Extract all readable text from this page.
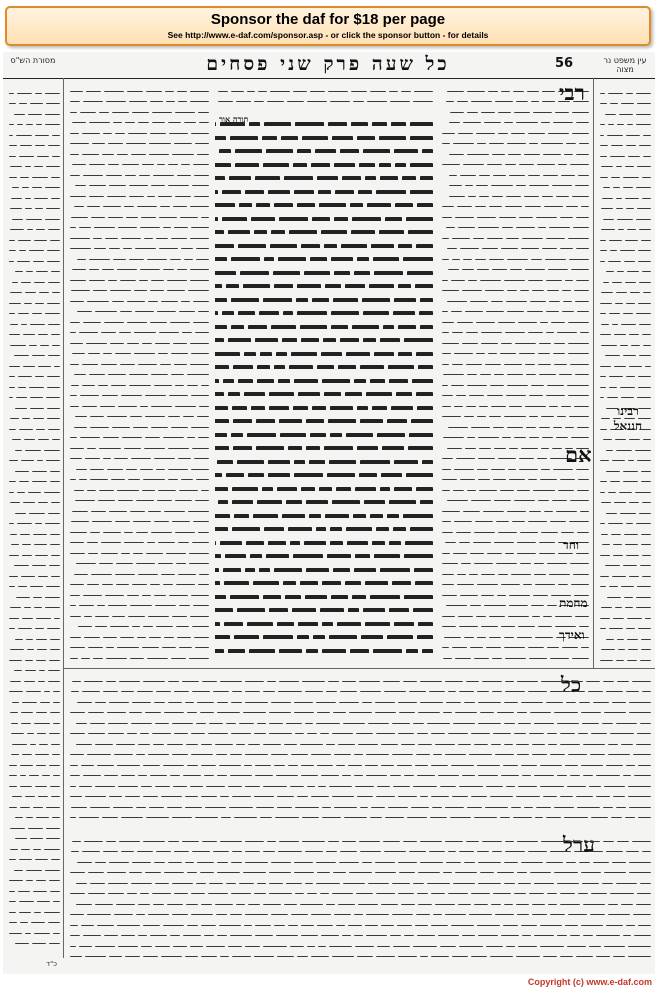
Sponsor the daf for $18 per page
See http://www.e-daf.com/sponsor.asp - or click the sponsor button - for details
עין משפט נר מצוה
56
כל שעה פרק שני פסחים
מסורת הש"ס
רבינו חננאל
רבי
אם
וחד
מחמת
ואידך
תורה אור
כל
ערל
כ"ד
Copyright (c) www.e-daf.com
